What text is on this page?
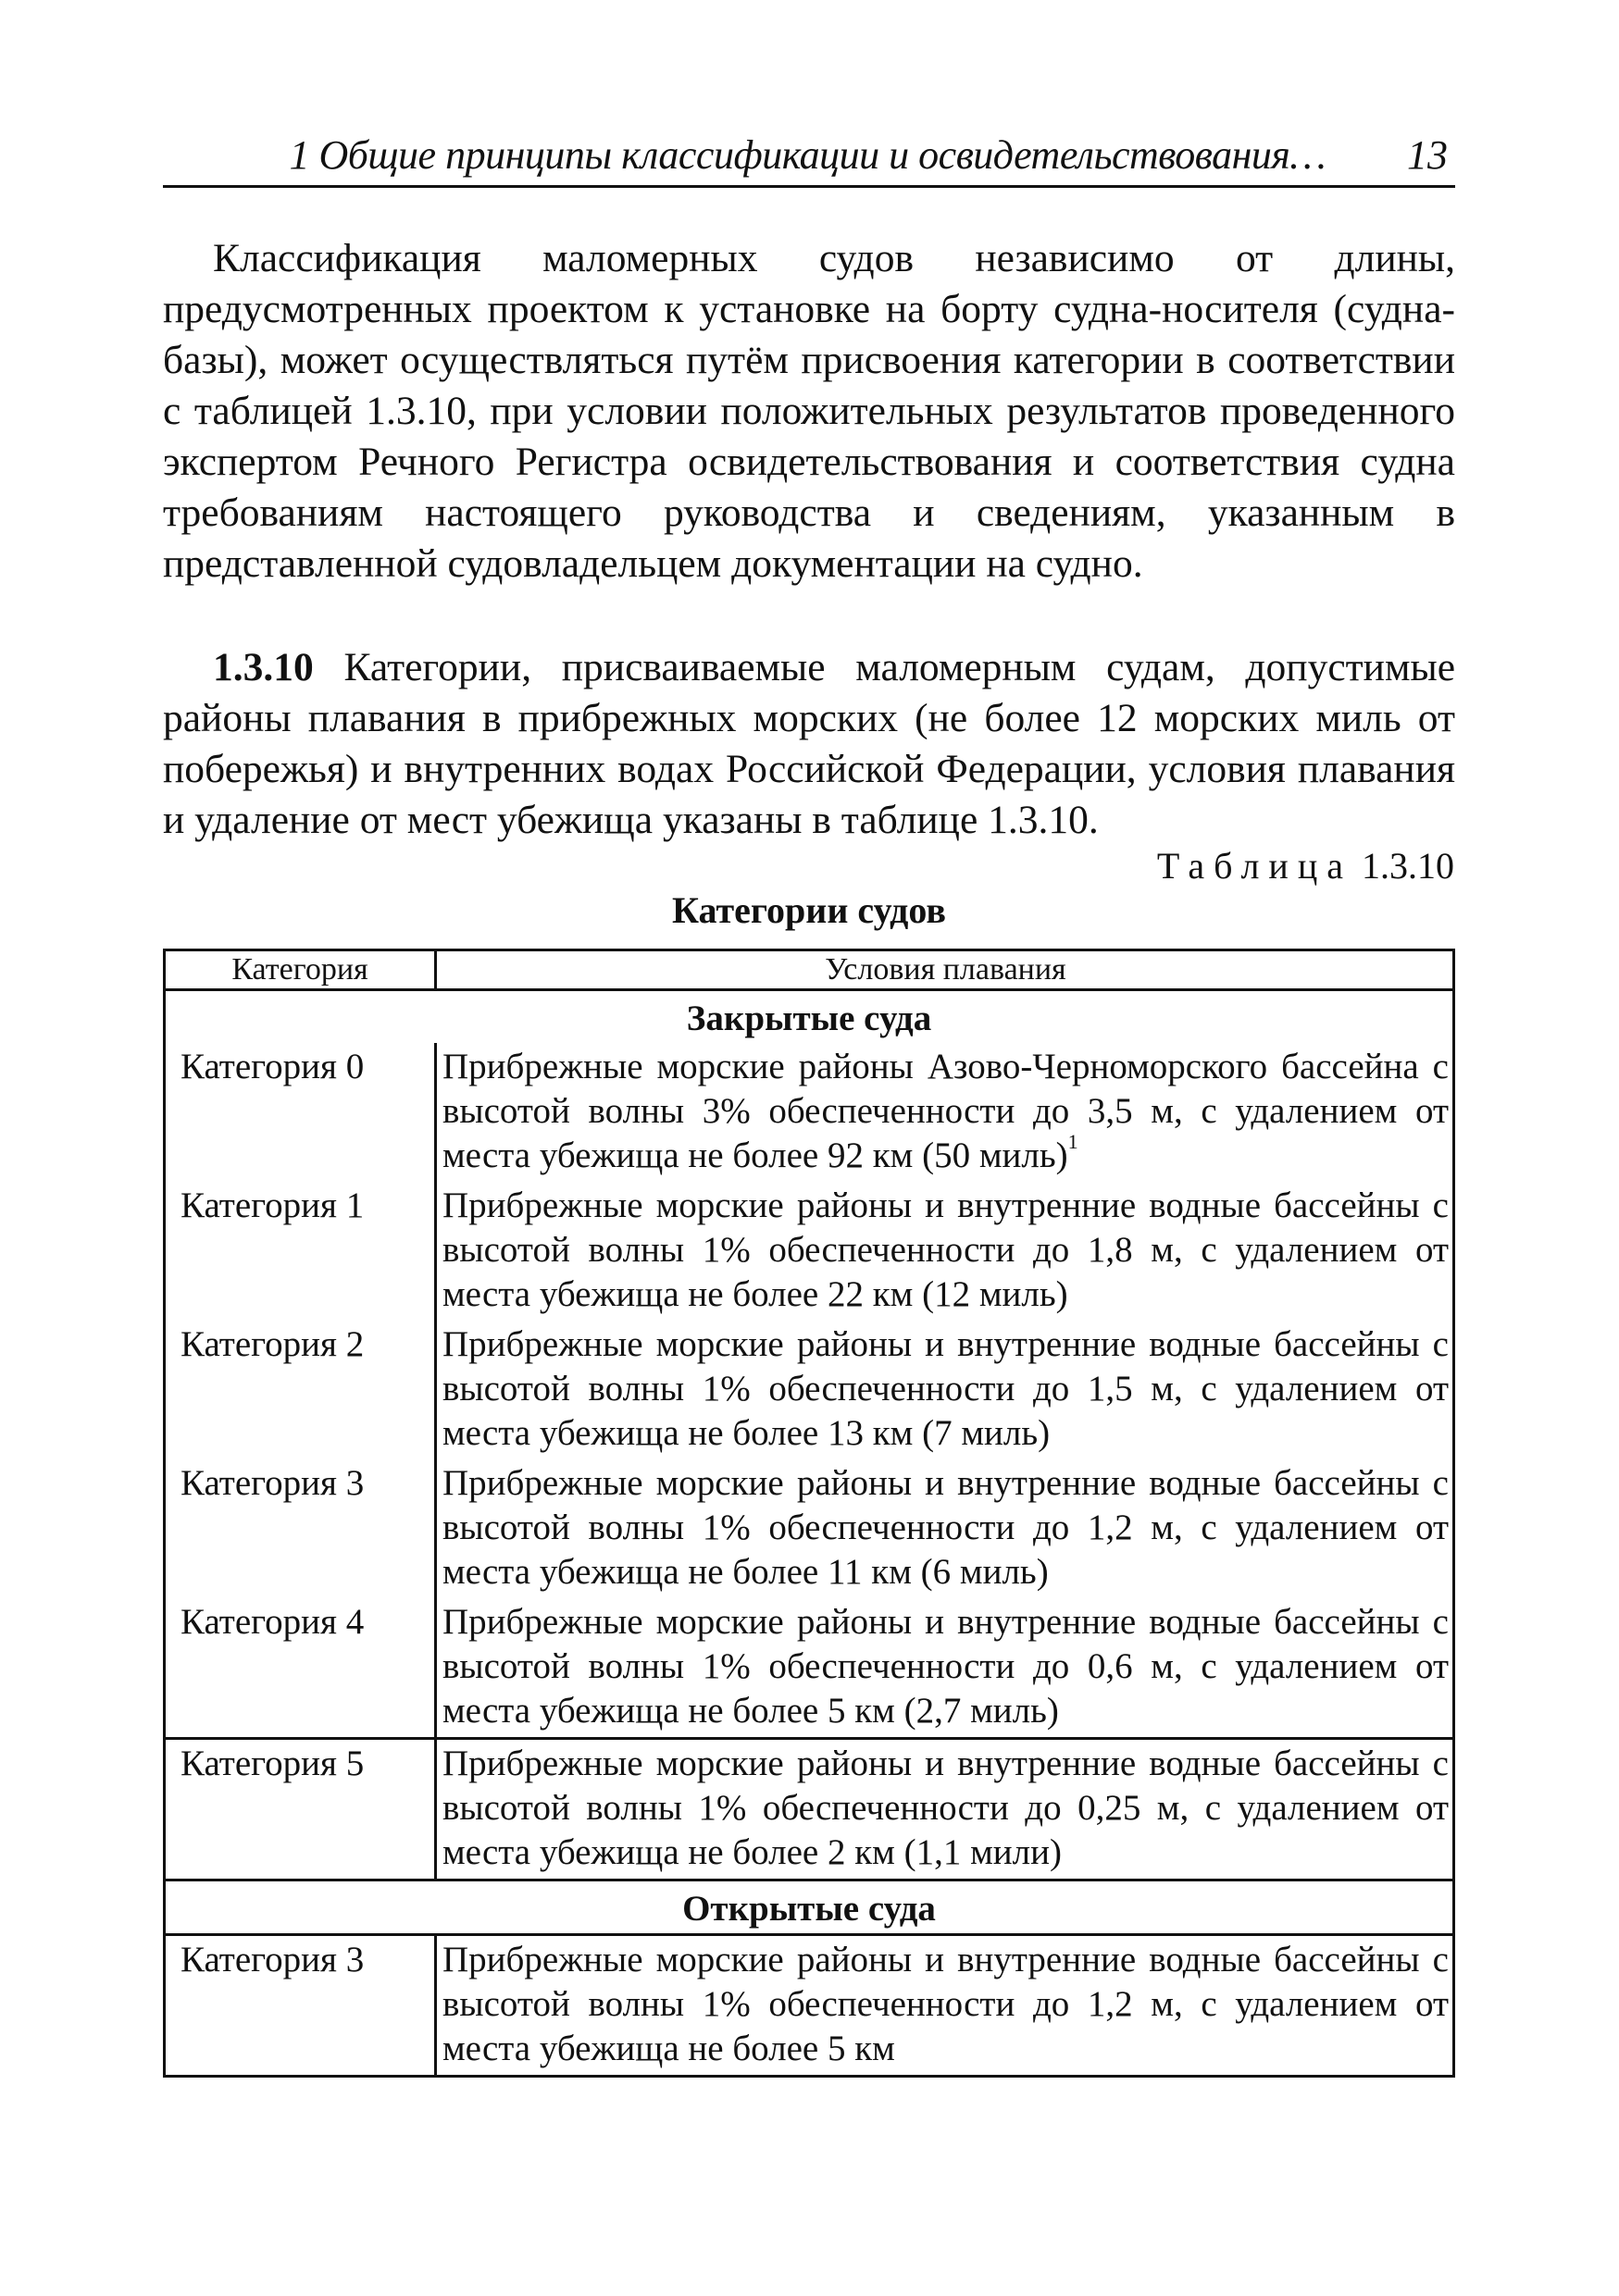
1 Общие принципы классификации и освидетельствования… 13
Классификация маломерных судов независимо от длины, предусмотренных проектом к установке на борту судна-носителя (судна-базы), может осуществляться путём присвоения категории в соответствии с таблицей 1.3.10, при условии положительных результатов проведенного экспертом Речного Регистра освидетельствования и соответствия судна требованиям настоящего руководства и сведениям, указанным в представленной судовладельцем документации на судно.
1.3.10 Категории, присваиваемые маломерным судам, допустимые районы плавания в прибрежных морских (не более 12 морских миль от побережья) и внутренних водах Российской Федерации, условия плавания и удаление от мест убежища указаны в таблице 1.3.10.
Таблица 1.3.10
Категории судов
Категория	Условия плавания
Закрытые суда	
Категория 0	Прибрежные морские районы Азово-Черноморского бассейна с высотой волны 3% обеспеченности до 3,5 м, с удалением от места убежища не более 92 км (50 миль)$^1$
Категория 1	Прибрежные морские районы и внутренние водные бассейны с высотой волны 1% обеспеченности до 1,8 м, с удалением от места убежища не более 22 км (12 миль)
Категория 2	Прибрежные морские районы и внутренние водные бассейны с высотой волны 1% обеспеченности до 1,5 м, с удалением от места убежища не более 13 км (7 миль)
Категория 3	Прибрежные морские районы и внутренние водные бассейны с высотой волны 1% обеспеченности до 1,2 м, с удалением от места убежища не более 11 км (6 миль)
Категория 4	Прибрежные морские районы и внутренние водные бассейны с высотой волны 1% обеспеченности до 0,6 м, с удалением от места убежища не более 5 км (2,7 миль)
Категория 5	Прибрежные морские районы и внутренние водные бассейны с высотой волны 1% обеспеченности до 0,25 м, с удалением от места убежища не более 2 км (1,1 мили)
Открытые суда	
Категория 3	Прибрежные морские районы и внутренние водные бассейны с высотой волны 1% обеспеченности до 1,2 м, с удалением от места убежища не более 5 км
